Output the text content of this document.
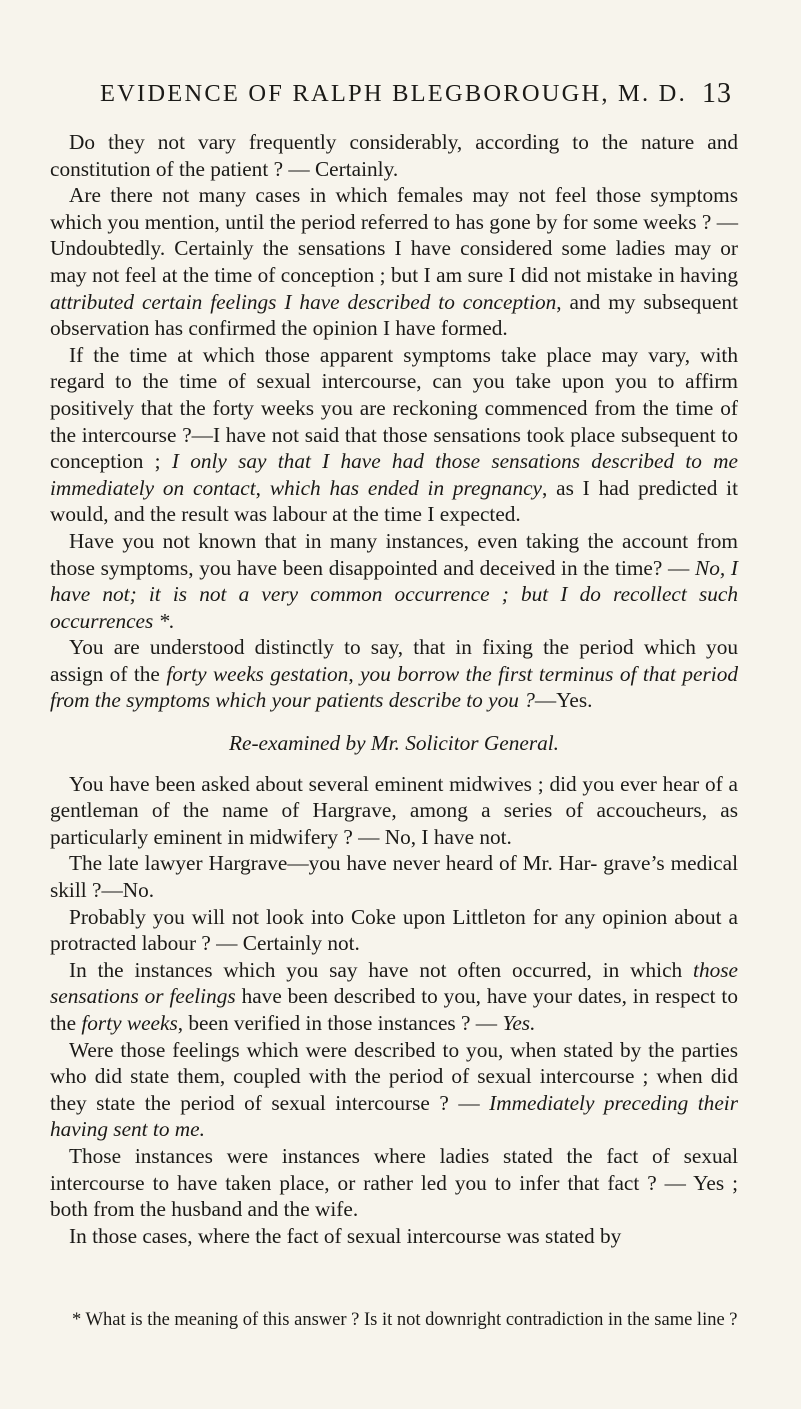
EVIDENCE OF RALPH BLEGBOROUGH, M. D. 13

Do they not vary frequently considerably, according to the nature and constitution of the patient ? — Certainly.

Are there not many cases in which females may not feel those symptoms which you mention, until the period referred to has gone by for some weeks ? — Undoubtedly. Certainly the sensations I have considered some ladies may or may not feel at the time of conception ; but I am sure I did not mistake in having attributed certain feelings I have described to conception, and my subsequent observation has confirmed the opinion I have formed.

If the time at which those apparent symptoms take place may vary, with regard to the time of sexual intercourse, can you take upon you to affirm positively that the forty weeks you are reckoning commenced from the time of the intercourse ?—I have not said that those sensations took place subsequent to conception ; I only say that I have had those sensations described to me immediately on contact, which has ended in pregnancy, as I had predicted it would, and the result was labour at the time I expected.

Have you not known that in many instances, even taking the account from those symptoms, you have been disappointed and deceived in the time? — No, I have not; it is not a very common occurrence ; but I do recollect such occurrences *.

You are understood distinctly to say, that in fixing the period which you assign of the forty weeks gestation, you borrow the first terminus of that period from the symptoms which your patients describe to you ?—Yes.

Re-examined by Mr. Solicitor General.

You have been asked about several eminent midwives ; did you ever hear of a gentleman of the name of Hargrave, among a series of accoucheurs, as particularly eminent in midwifery ? — No, I have not.

The late lawyer Hargrave—you have never heard of Mr. Har- grave’s medical skill ?—No.

Probably you will not look into Coke upon Littleton for any opinion about a protracted labour ? — Certainly not.

In the instances which you say have not often occurred, in which those sensations or feelings have been described to you, have your dates, in respect to the forty weeks, been verified in those instances ? — Yes.

Were those feelings which were described to you, when stated by the parties who did state them, coupled with the period of sexual intercourse ; when did they state the period of sexual intercourse ? — Immediately preceding their having sent to me.

Those instances were instances where ladies stated the fact of sexual intercourse to have taken place, or rather led you to infer that fact ? — Yes ; both from the husband and the wife.

In those cases, where the fact of sexual intercourse was stated by

* What is the meaning of this answer ? Is it not downright contradiction in the same line ?
